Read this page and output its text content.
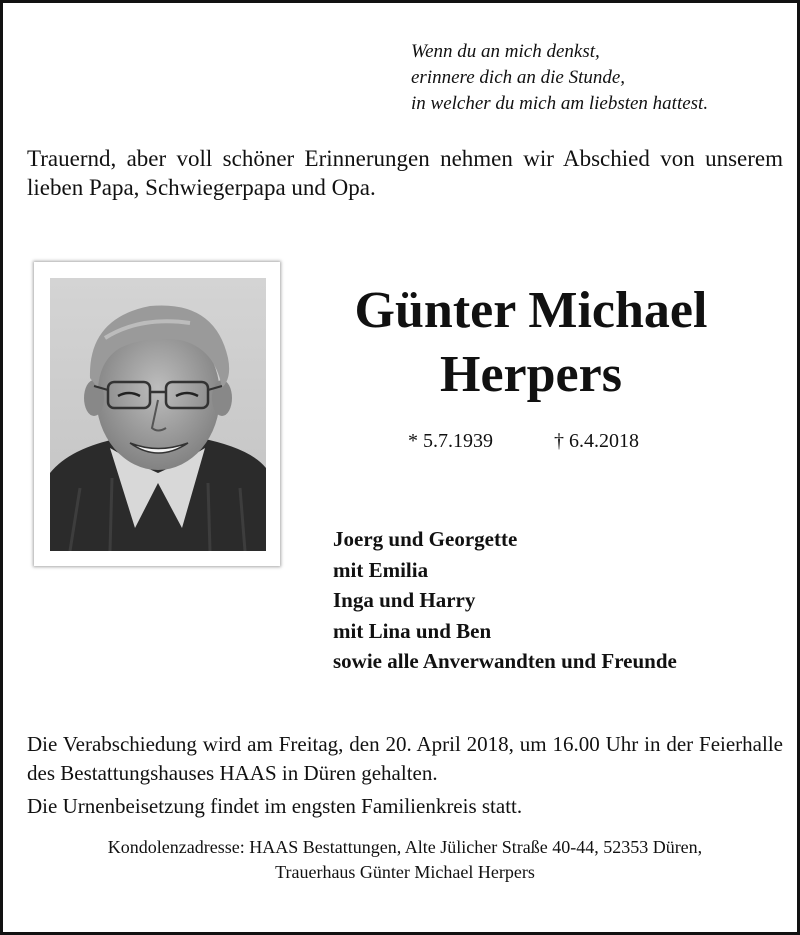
Wenn du an mich denkst,
erinnere dich an die Stunde,
in welcher du mich am liebsten hattest.
Trauernd, aber voll schöner Erinnerungen nehmen wir Abschied von unserem lieben Papa, Schwiegerpapa und Opa.
Günter Michael
Herpers
* 5.7.1939	† 6.4.2018
Joerg und Georgette
mit Emilia
Inga und Harry
mit Lina und Ben
sowie alle Anverwandten und Freunde
Die Verabschiedung wird am Freitag, den 20. April 2018, um 16.00 Uhr in der Feierhalle des Bestattungshauses HAAS in Düren gehalten.
Die Urnenbeisetzung findet im engsten Familienkreis statt.
Kondolenzadresse: HAAS Bestattungen, Alte Jülicher Straße 40-44, 52353 Düren,
Trauerhaus Günter Michael Herpers
